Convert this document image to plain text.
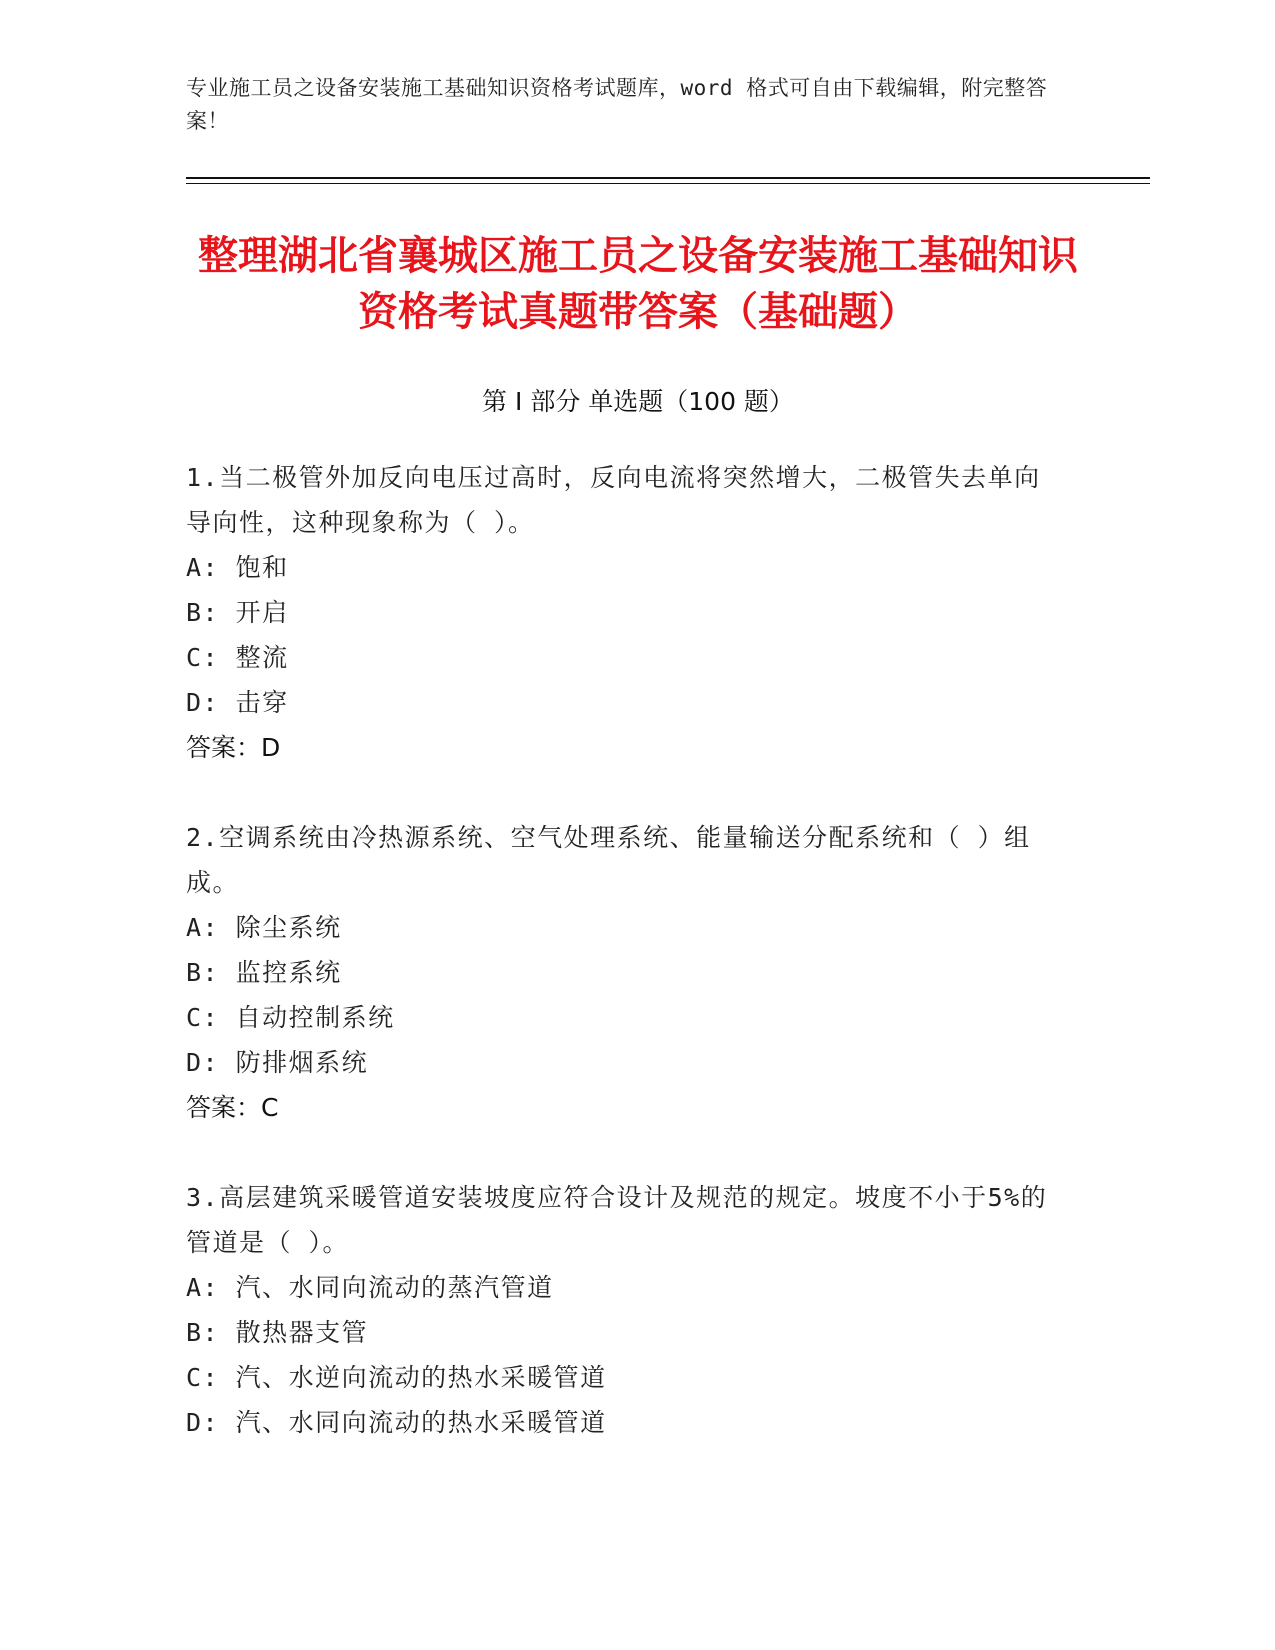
专业施工员之设备安装施工基础知识资格考试题库，word 格式可自由下载编辑，附完整答案！
整理湖北省襄城区施工员之设备安装施工基础知识资格考试真题带答案（基础题）
第 I 部分 单选题（100 题）
1.当二极管外加反向电压过高时，反向电流将突然增大，二极管失去单向导向性，这种现象称为（ ）。
A: 饱和
B: 开启
C: 整流
D: 击穿
答案：D
2.空调系统由冷热源系统、空气处理系统、能量输送分配系统和（ ）组成。
A: 除尘系统
B: 监控系统
C: 自动控制系统
D: 防排烟系统
答案：C
3.高层建筑采暖管道安装坡度应符合设计及规范的规定。坡度不小于5%的管道是（ ）。
A: 汽、水同向流动的蒸汽管道
B: 散热器支管
C: 汽、水逆向流动的热水采暖管道
D: 汽、水同向流动的热水采暖管道
